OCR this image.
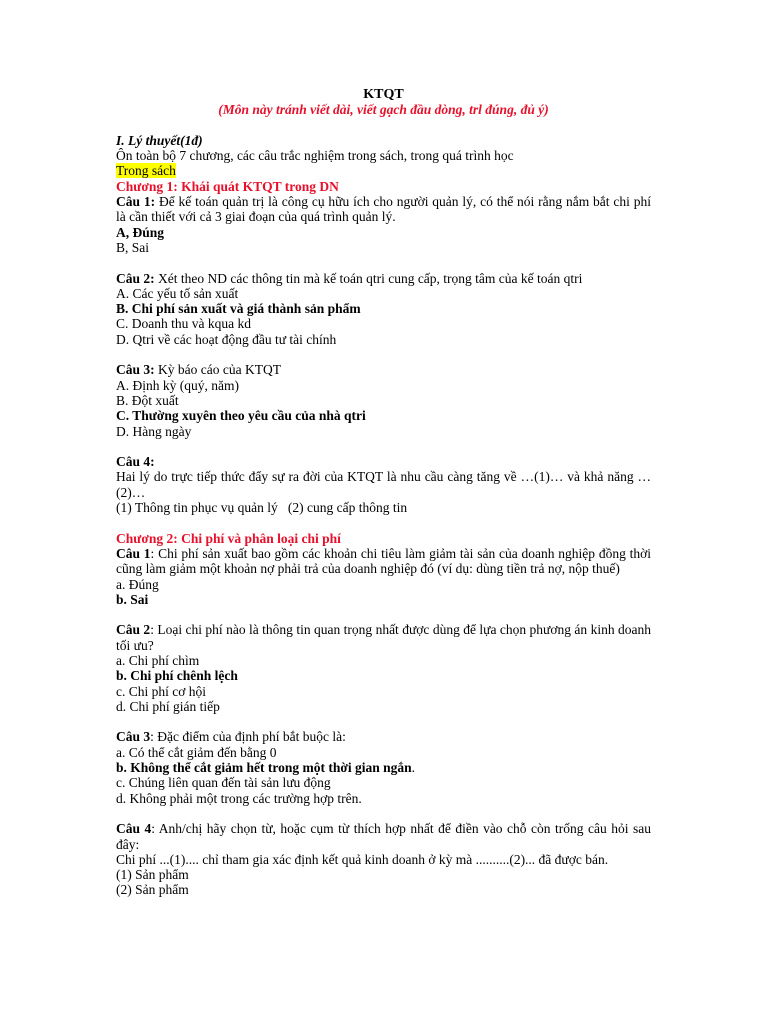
KTQT
(Môn này tránh viết dài, viết gạch đầu dòng, trl đúng, đủ ý)
I. Lý thuyết(1đ)
Ôn toàn bộ 7 chương, các câu trắc nghiệm trong sách, trong quá trình học
Trong sách
Chương 1: Khái quát KTQT trong DN
Câu 1: Để kế toán quản trị là công cụ hữu ích cho người quản lý, có thể nói rằng nắm bắt chi phí là cần thiết với cả 3 giai đoạn của quá trình quản lý.
A, Đúng
B, Sai
Câu 2: Xét theo ND các thông tin mà kế toán qtri cung cấp, trọng tâm của kế toán qtri
A. Các yếu tố sản xuất
B. Chi phí sản xuất và giá thành sản phẩm
C. Doanh thu và kqua kd
D. Qtri về các hoạt động đầu tư tài chính
Câu 3: Kỳ báo cáo của KTQT
A. Định kỳ (quý, năm)
B. Đột xuất
C. Thường xuyên theo yêu cầu của nhà qtri
D. Hàng ngày
Câu 4:
Hai lý do trực tiếp thức đẩy sự ra đời của KTQT là nhu cầu càng tăng về …(1)… và khả năng …(2)…
(1) Thông tin phục vụ quản lý   (2) cung cấp thông tin
Chương 2: Chi phí và phân loại chi phí
Câu 1: Chi phí sản xuất bao gồm các khoản chi tiêu làm giảm tài sản của doanh nghiệp đồng thời cũng làm giảm một khoản nợ phải trả của doanh nghiệp đó (ví dụ: dùng tiền trả nợ, nộp thuế)
a. Đúng
b. Sai
Câu 2: Loại chi phí nào là thông tin quan trọng nhất được dùng để lựa chọn phương án kinh doanh tối ưu?
a. Chi phí chìm
b. Chi phí chênh lệch
c. Chi phí cơ hội
d. Chi phí gián tiếp
Câu 3: Đặc điểm của định phí bắt buộc là:
a. Có thể cắt giảm đến bằng 0
b. Không thể cắt giảm hết trong một thời gian ngắn.
c. Chúng liên quan đến tài sản lưu động
d. Không phải một trong các trường hợp trên.
Câu 4: Anh/chị hãy chọn từ, hoặc cụm từ thích hợp nhất để điền vào chỗ còn trống câu hỏi sau đây:
Chi phí ...(1).... chỉ tham gia xác định kết quả kinh doanh ở kỳ mà ..........(2)... đã được bán.
(1) Sản phẩm
(2) Sản phẩm
